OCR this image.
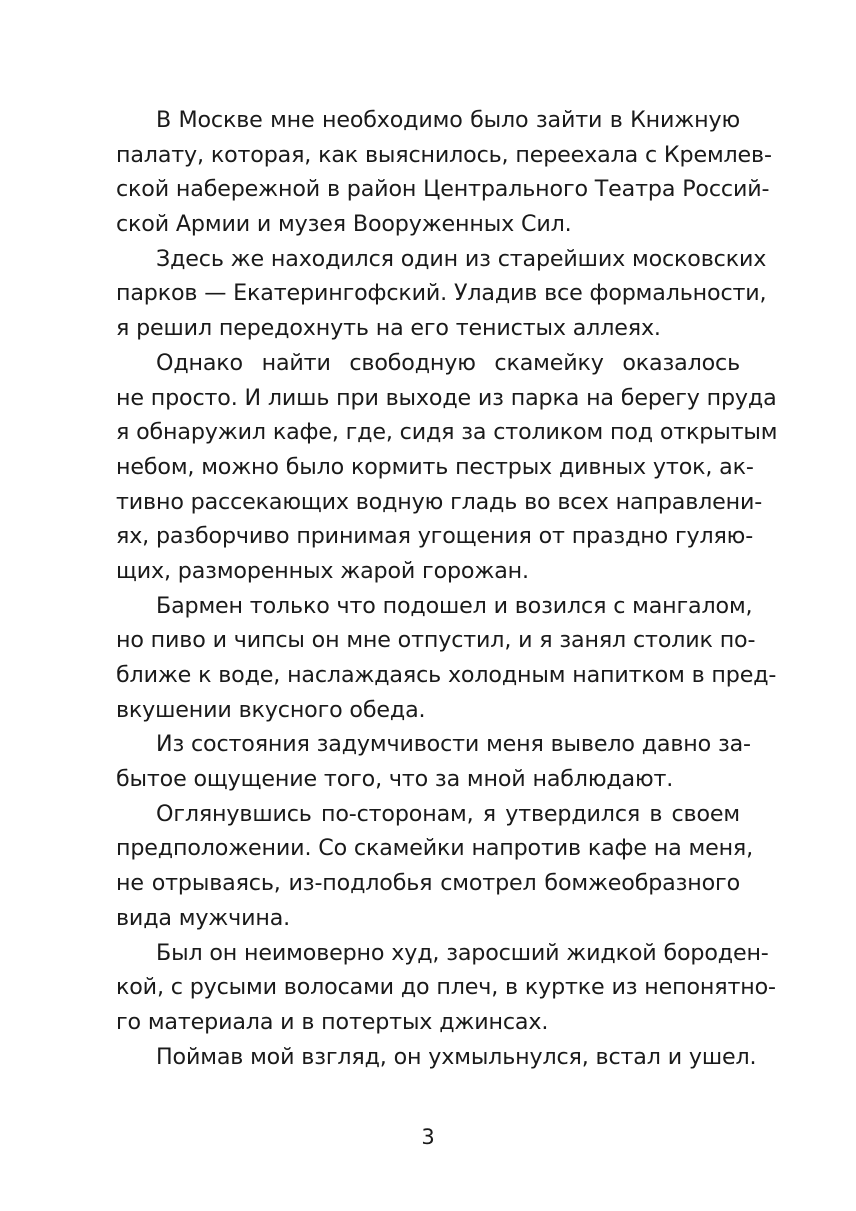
В Москве мне необходимо было зайти в Книжную
палату, которая, как выяснилось, переехала с Кремлев-
ской набережной в район Центрального Театра Россий-
ской Армии и музея Вооруженных Сил.
Здесь же находился один из старейших московских
парков — Екатерингофский. Уладив все формальности,
я решил передохнуть на его тенистых аллеях.
Однако найти свободную скамейку оказалось
не просто. И лишь при выходе из парка на берегу пруда
я обнаружил кафе, где, сидя за столиком под открытым
небом, можно было кормить пестрых дивных уток, ак-
тивно рассекающих водную гладь во всех направлени-
ях, разборчиво принимая угощения от праздно гуляю-
щих, разморенных жарой горожан.
Бармен только что подошел и возился с мангалом,
но пиво и чипсы он мне отпустил, и я занял столик по-
ближе к воде, наслаждаясь холодным напитком в пред-
вкушении вкусного обеда.
Из состояния задумчивости меня вывело давно за-
бытое ощущение того, что за мной наблюдают.
Оглянувшись по-сторонам, я утвердился в своем
предположении. Со скамейки напротив кафе на меня,
не отрываясь, из-подлобья смотрел бомжеобразного
вида мужчина.
Был он неимоверно худ, заросший жидкой бороден-
кой, с русыми волосами до плеч, в куртке из непонятно-
го материала и в потертых джинсах.
Поймав мой взгляд, он ухмыльнулся, встал и ушел.
3
